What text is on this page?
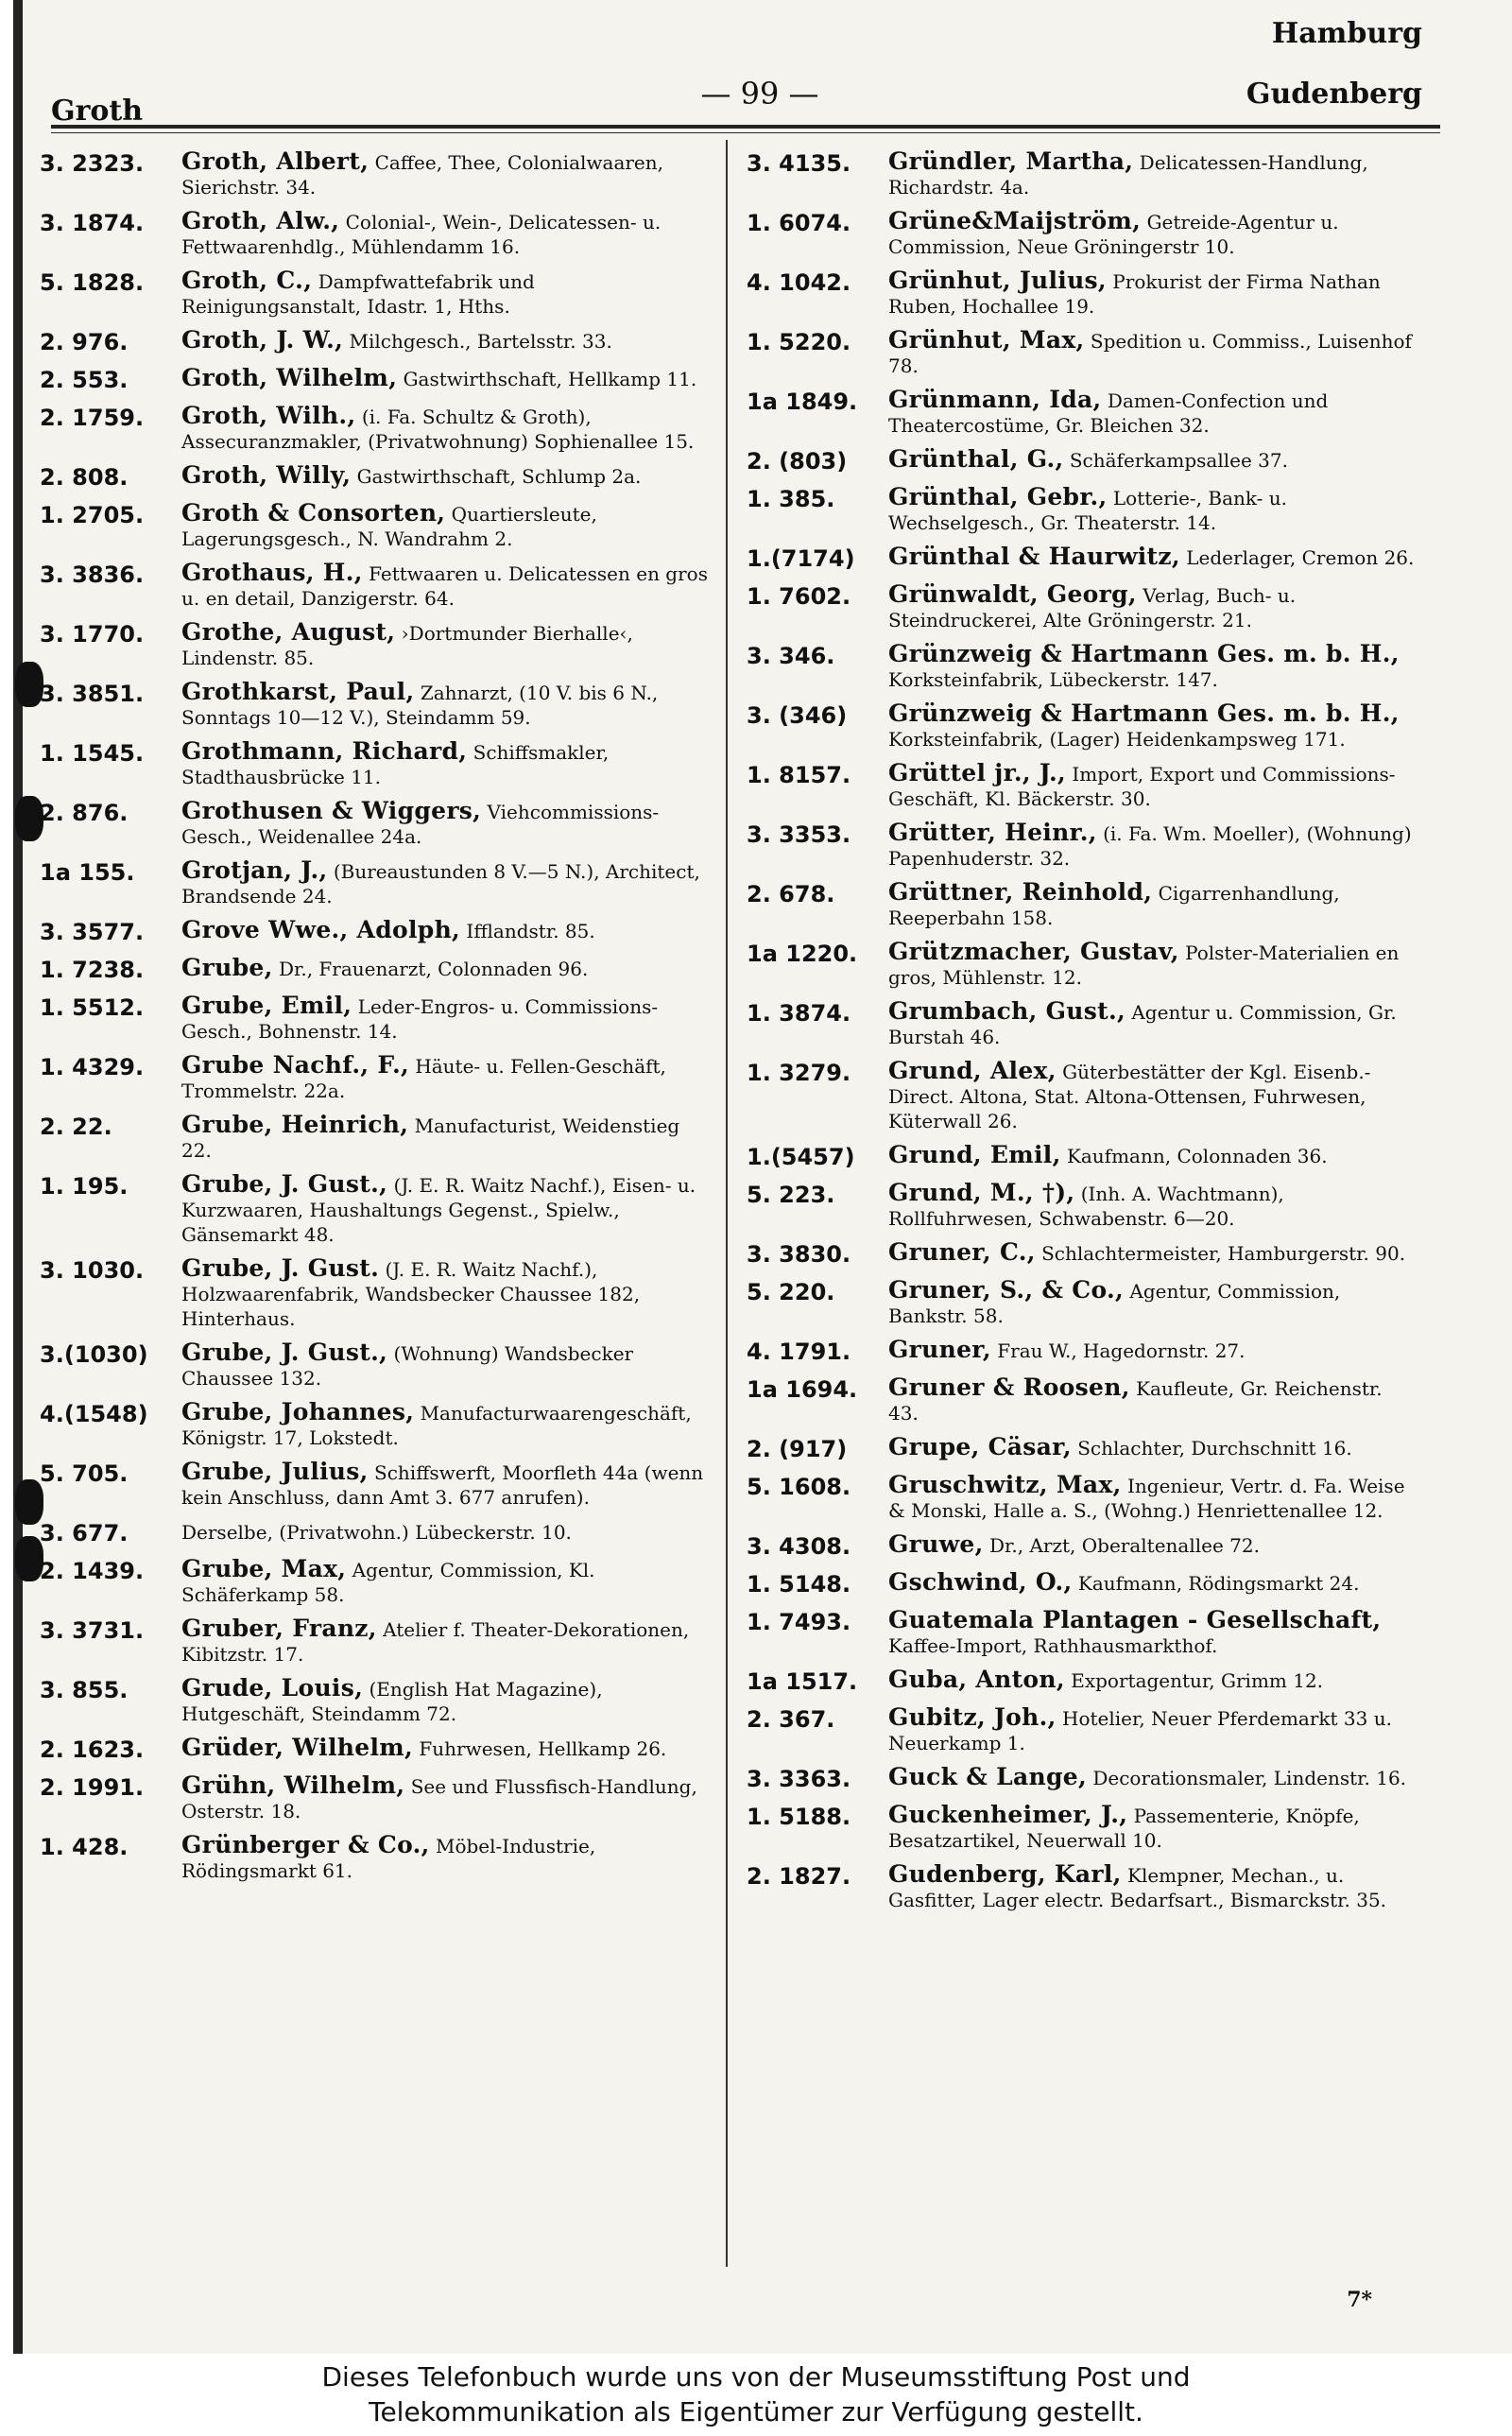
Hamburg
Groth	— 99 —	Gudenberg
3. 2323.	Groth, Albert, Caffee, Thee, Colonialwaaren, Sierichstr. 34.
3. 1874.	Groth, Alw., Colonial-, Wein-, Delicatessen- u. Fettwaarenhdlg., Mühlendamm 16.
5. 1828.	Groth, C., Dampfwattefabrik und Reinigungsanstalt, Idastr. 1, Hths.
2. 976.	Groth, J. W., Milchgesch., Bartelsstr. 33.
2. 553.	Groth, Wilhelm, Gastwirthschaft, Hellkamp 11.
2. 1759.	Groth, Wilh., (i. Fa. Schultz & Groth), Assecuranzmakler, (Privatwohnung) Sophienallee 15.
2. 808.	Groth, Willy, Gastwirthschaft, Schlump 2a.
1. 2705.	Groth & Consorten, Quartiersleute, Lagerungsgesch., N. Wandrahm 2.
3. 3836.	Grothaus, H., Fettwaaren u. Delicatessen en gros u. en detail, Danzigerstr. 64.
3. 1770.	Grothe, August, ›Dortmunder Bierhalle‹, Lindenstr. 85.
3. 3851.	Grothkarst, Paul, Zahnarzt, (10 V. bis 6 N., Sonntags 10—12 V.), Steindamm 59.
1. 1545.	Grothmann, Richard, Schiffsmakler, Stadthausbrücke 11.
2. 876.	Grothusen & Wiggers, Viehcommissions-Gesch., Weidenallee 24a.
1a 155.	Grotjan, J., (Bureaustunden 8 V.—5 N.), Architect, Brandsende 24.
3. 3577.	Grove Wwe., Adolph, Ifflandstr. 85.
1. 7238.	Grube, Dr., Frauenarzt, Colonnaden 96.
1. 5512.	Grube, Emil, Leder-Engros- u. Commissions-Gesch., Bohnenstr. 14.
1. 4329.	Grube Nachf., F., Häute- u. Fellen-Geschäft, Trommelstr. 22a.
2. 22.	Grube, Heinrich, Manufacturist, Weidenstieg 22.
1. 195.	Grube, J. Gust., (J. E. R. Waitz Nachf.), Eisen- u. Kurzwaaren, Haushaltungs Gegenst., Spielw., Gänsemarkt 48.
3. 1030.	Grube, J. Gust. (J. E. R. Waitz Nachf.), Holzwaarenfabrik, Wandsbecker Chaussee 182, Hinterhaus.
3.(1030)	Grube, J. Gust., (Wohnung) Wandsbecker Chaussee 132.
4.(1548)	Grube, Johannes, Manufacturwaarengeschäft, Königstr. 17, Lokstedt.
5. 705.	Grube, Julius, Schiffswerft, Moorfleth 44a (wenn kein Anschluss, dann Amt 3. 677 anrufen).
3. 677.	Derselbe, (Privatwohn.) Lübeckerstr. 10.
2. 1439.	Grube, Max, Agentur, Commission, Kl. Schäferkamp 58.
3. 3731.	Gruber, Franz, Atelier f. Theater-Dekorationen, Kibitzstr. 17.
3. 855.	Grude, Louis, (English Hat Magazine), Hutgeschäft, Steindamm 72.
2. 1623.	Grüder, Wilhelm, Fuhrwesen, Hellkamp 26.
2. 1991.	Grühn, Wilhelm, See und Flussfisch-Handlung, Osterstr. 18.
1. 428.	Grünberger & Co., Möbel-Industrie, Rödingsmarkt 61.
3. 4135.	Gründler, Martha, Delicatessen-Handlung, Richardstr. 4a.
1. 6074.	Grüne&Maijström, Getreide-Agentur u. Commission, Neue Gröningerstr 10.
4. 1042.	Grünhut, Julius, Prokurist der Firma Nathan Ruben, Hochallee 19.
1. 5220.	Grünhut, Max, Spedition u. Commiss., Luisenhof 78.
1a 1849.	Grünmann, Ida, Damen-Confection und Theatercostüme, Gr. Bleichen 32.
2. (803)	Grünthal, G., Schäferkampsallee 37.
1. 385.	Grünthal, Gebr., Lotterie-, Bank- u. Wechselgesch., Gr. Theaterstr. 14.
1.(7174)	Grünthal & Haurwitz, Lederlager, Cremon 26.
1. 7602.	Grünwaldt, Georg, Verlag, Buch- u. Steindruckerei, Alte Gröningerstr. 21.
3. 346.	Grünzweig & Hartmann Ges. m. b. H., Korksteinfabrik, Lübeckerstr. 147.
3. (346)	Grünzweig & Hartmann Ges. m. b. H., Korksteinfabrik, (Lager) Heidenkampsweg 171.
1. 8157.	Grüttel jr., J., Import, Export und Commissions-Geschäft, Kl. Bäckerstr. 30.
3. 3353.	Grütter, Heinr., (i. Fa. Wm. Moeller), (Wohnung) Papenhuderstr. 32.
2. 678.	Grüttner, Reinhold, Cigarrenhandlung, Reeperbahn 158.
1a 1220.	Grützmacher, Gustav, Polster-Materialien en gros, Mühlenstr. 12.
1. 3874.	Grumbach, Gust., Agentur u. Commission, Gr. Burstah 46.
1. 3279.	Grund, Alex, Güterbestätter der Kgl. Eisenb.-Direct. Altona, Stat. Altona-Ottensen, Fuhrwesen, Küterwall 26.
1.(5457)	Grund, Emil, Kaufmann, Colonnaden 36.
5. 223.	Grund, M., †), (Inh. A. Wachtmann), Rollfuhrwesen, Schwabenstr. 6—20.
3. 3830.	Gruner, C., Schlachtermeister, Hamburgerstr. 90.
5. 220.	Gruner, S., & Co., Agentur, Commission, Bankstr. 58.
4. 1791.	Gruner, Frau W., Hagedornstr. 27.
1a 1694.	Gruner & Roosen, Kaufleute, Gr. Reichenstr. 43.
2. (917)	Grupe, Cäsar, Schlachter, Durchschnitt 16.
5. 1608.	Gruschwitz, Max, Ingenieur, Vertr. d. Fa. Weise & Monski, Halle a. S., (Wohng.) Henriettenallee 12.
3. 4308.	Gruwe, Dr., Arzt, Oberaltenallee 72.
1. 5148.	Gschwind, O., Kaufmann, Rödingsmarkt 24.
1. 7493.	Guatemala Plantagen - Gesellschaft, Kaffee-Import, Rathhausmarkthof.
1a 1517.	Guba, Anton, Exportagentur, Grimm 12.
2. 367.	Gubitz, Joh., Hotelier, Neuer Pferdemarkt 33 u. Neuerkamp 1.
3. 3363.	Guck & Lange, Decorationsmaler, Lindenstr. 16.
1. 5188.	Guckenheimer, J., Passementerie, Knöpfe, Besatzartikel, Neuerwall 10.
2. 1827.	Gudenberg, Karl, Klempner, Mechan., u. Gasfitter, Lager electr. Bedarfsart., Bismarckstr. 35.
7*
Dieses Telefonbuch wurde uns von der Museumsstiftung Post und
Telekommunikation als Eigentümer zur Verfügung gestellt.
